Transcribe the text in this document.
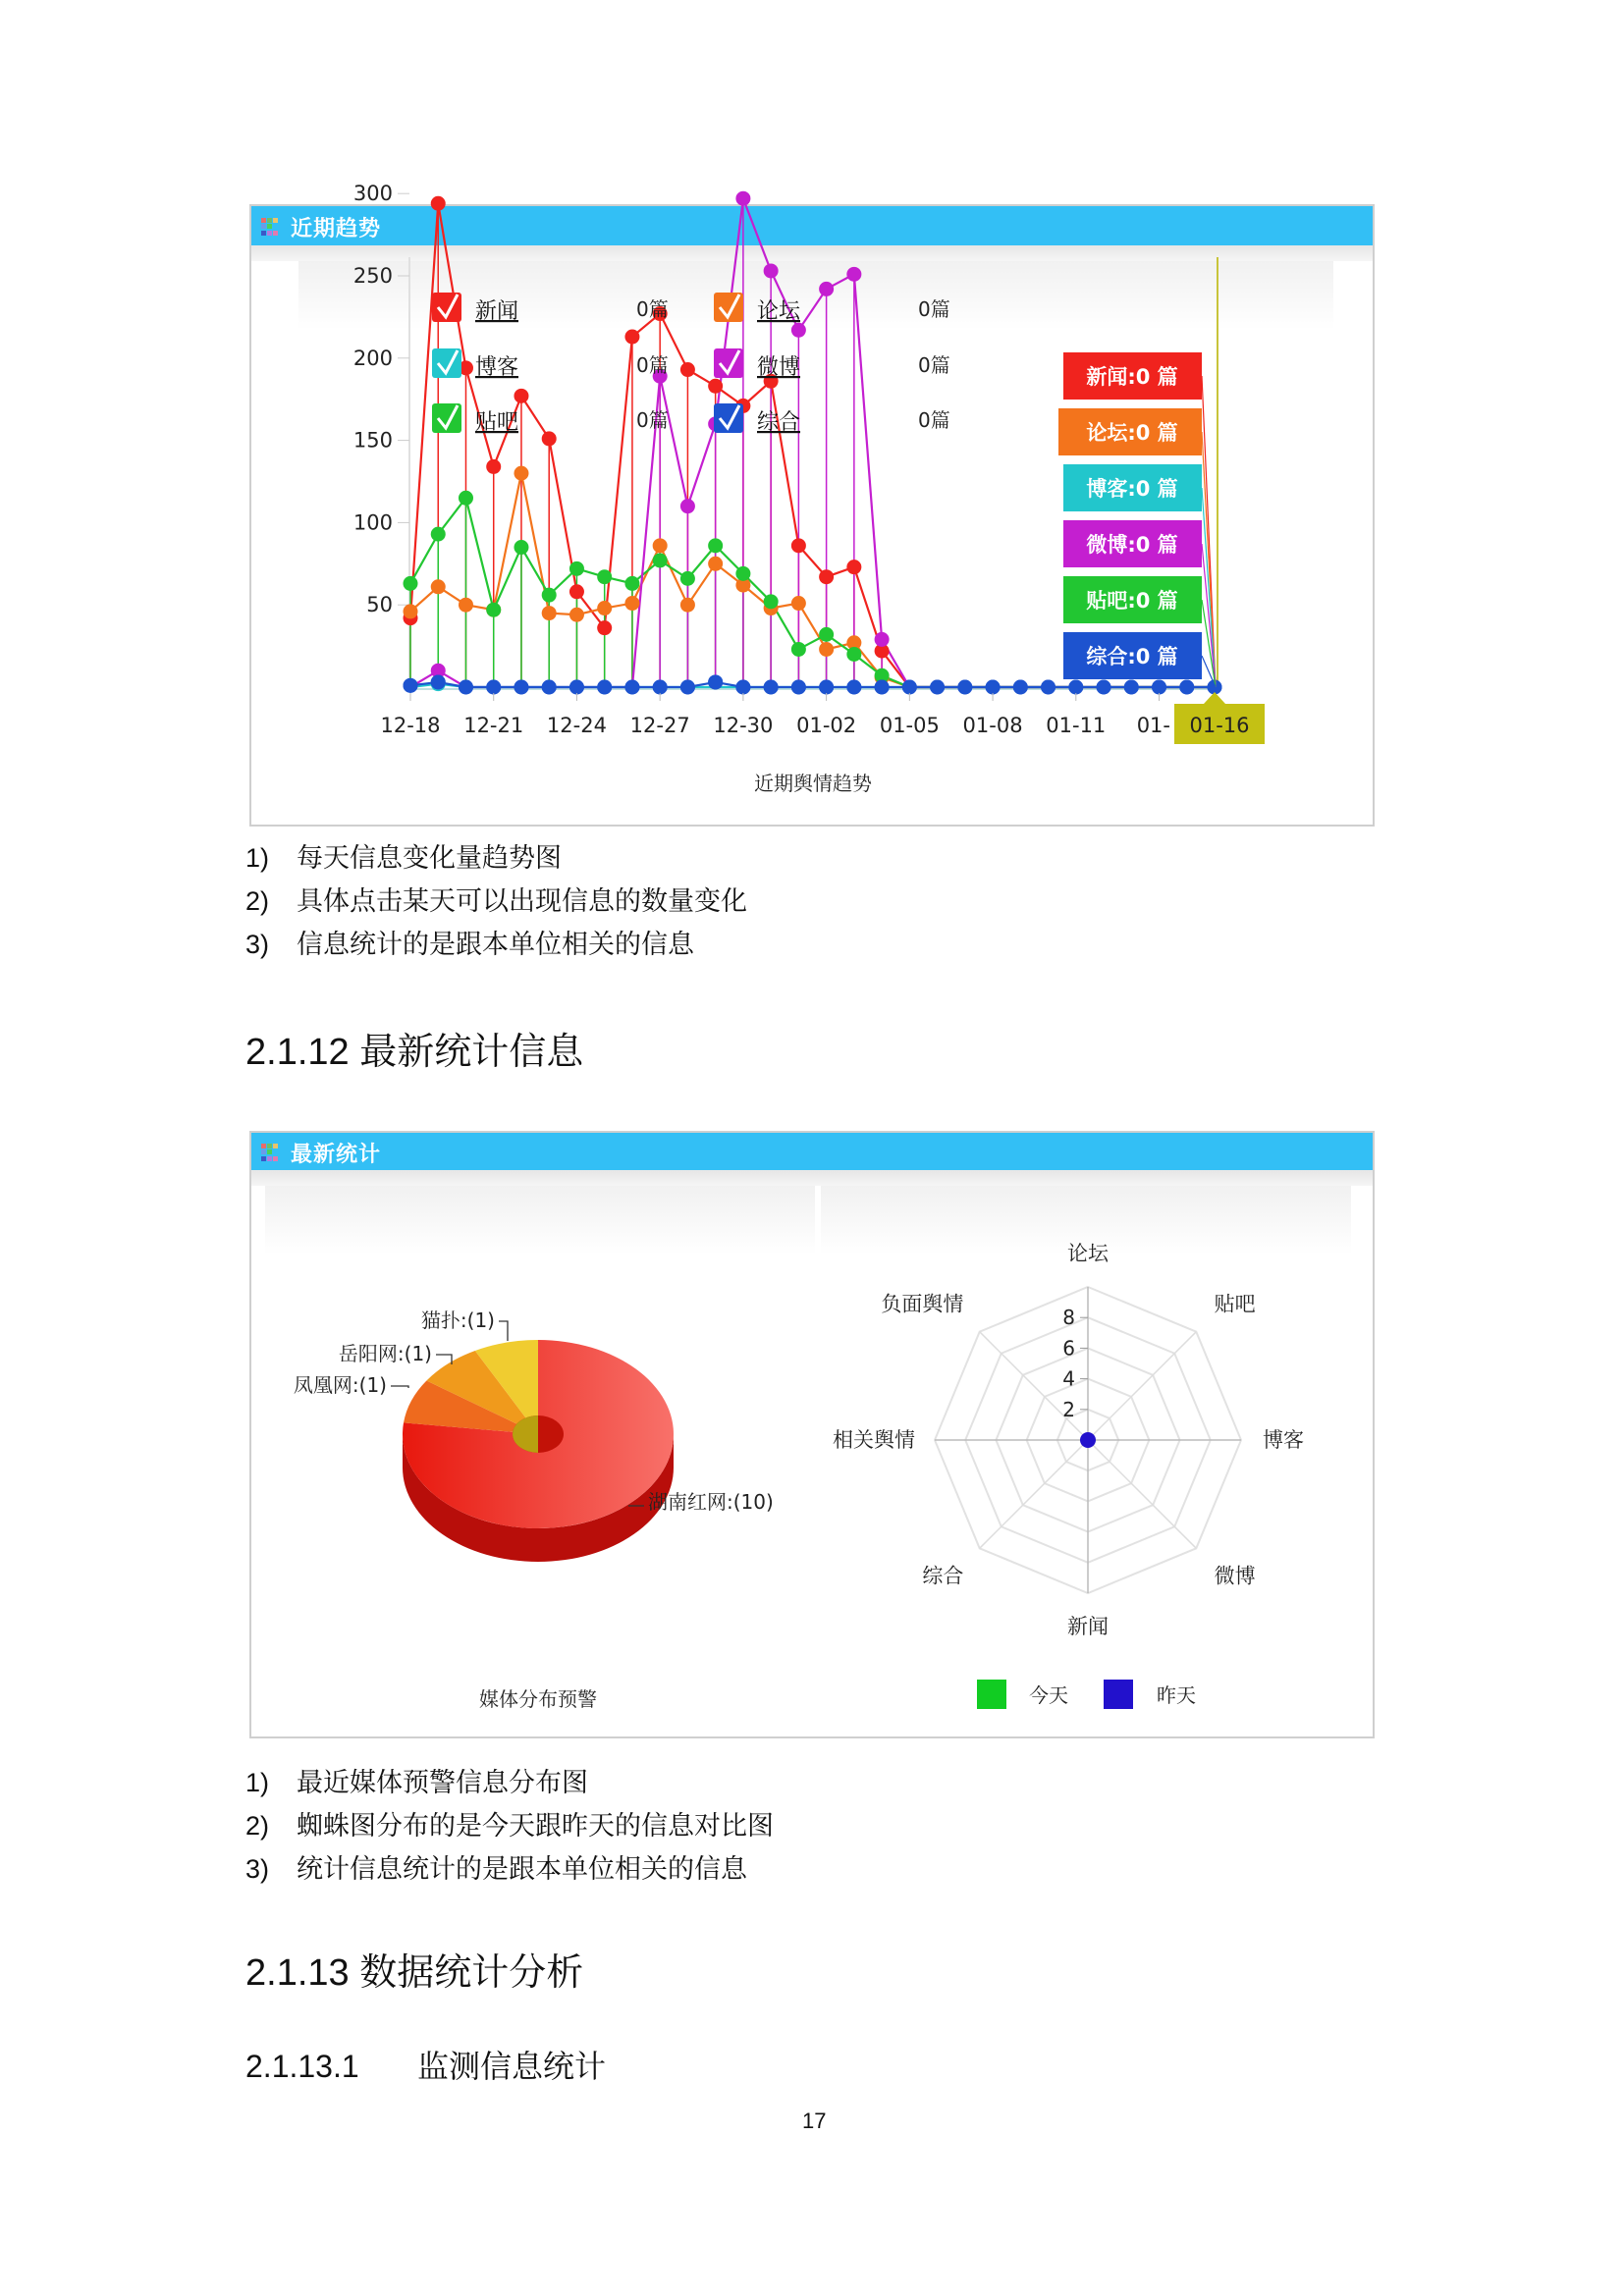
近期趋势
50
100
150
200
250
300
新闻	0篇	论坛	0篇
博客	0篇	微博	0篇
贴吧	0篇	综合	0篇
新闻:0 篇
论坛:0 篇
博客:0 篇
微博:0 篇
贴吧:0 篇
综合:0 篇
01-16
12-18 12-21 12-24 12-27 12-30 01-02 01-05 01-08 01-11 01-
近期舆情趋势
1) 每天信息变化量趋势图
2) 具体点击某天可以出现信息的数量变化
3) 信息统计的是跟本单位相关的信息
2.1.12 最新统计信息
最新统计
湖南红网:(10)
凤凰网:(1)
岳阳网:(1)
猫扑:(1)
论坛
贴吧
博客
微博
新闻
综合
相关舆情
负面舆情
2
4
6
8
媒体分布预警	今天	昨天
1) 最近媒体预警信息分布图
2) 蜘蛛图分布的是今天跟昨天的信息对比图
3) 统计信息统计的是跟本单位相关的信息
2.1.13 数据统计分析
2.1.13.1 监测信息统计
17
